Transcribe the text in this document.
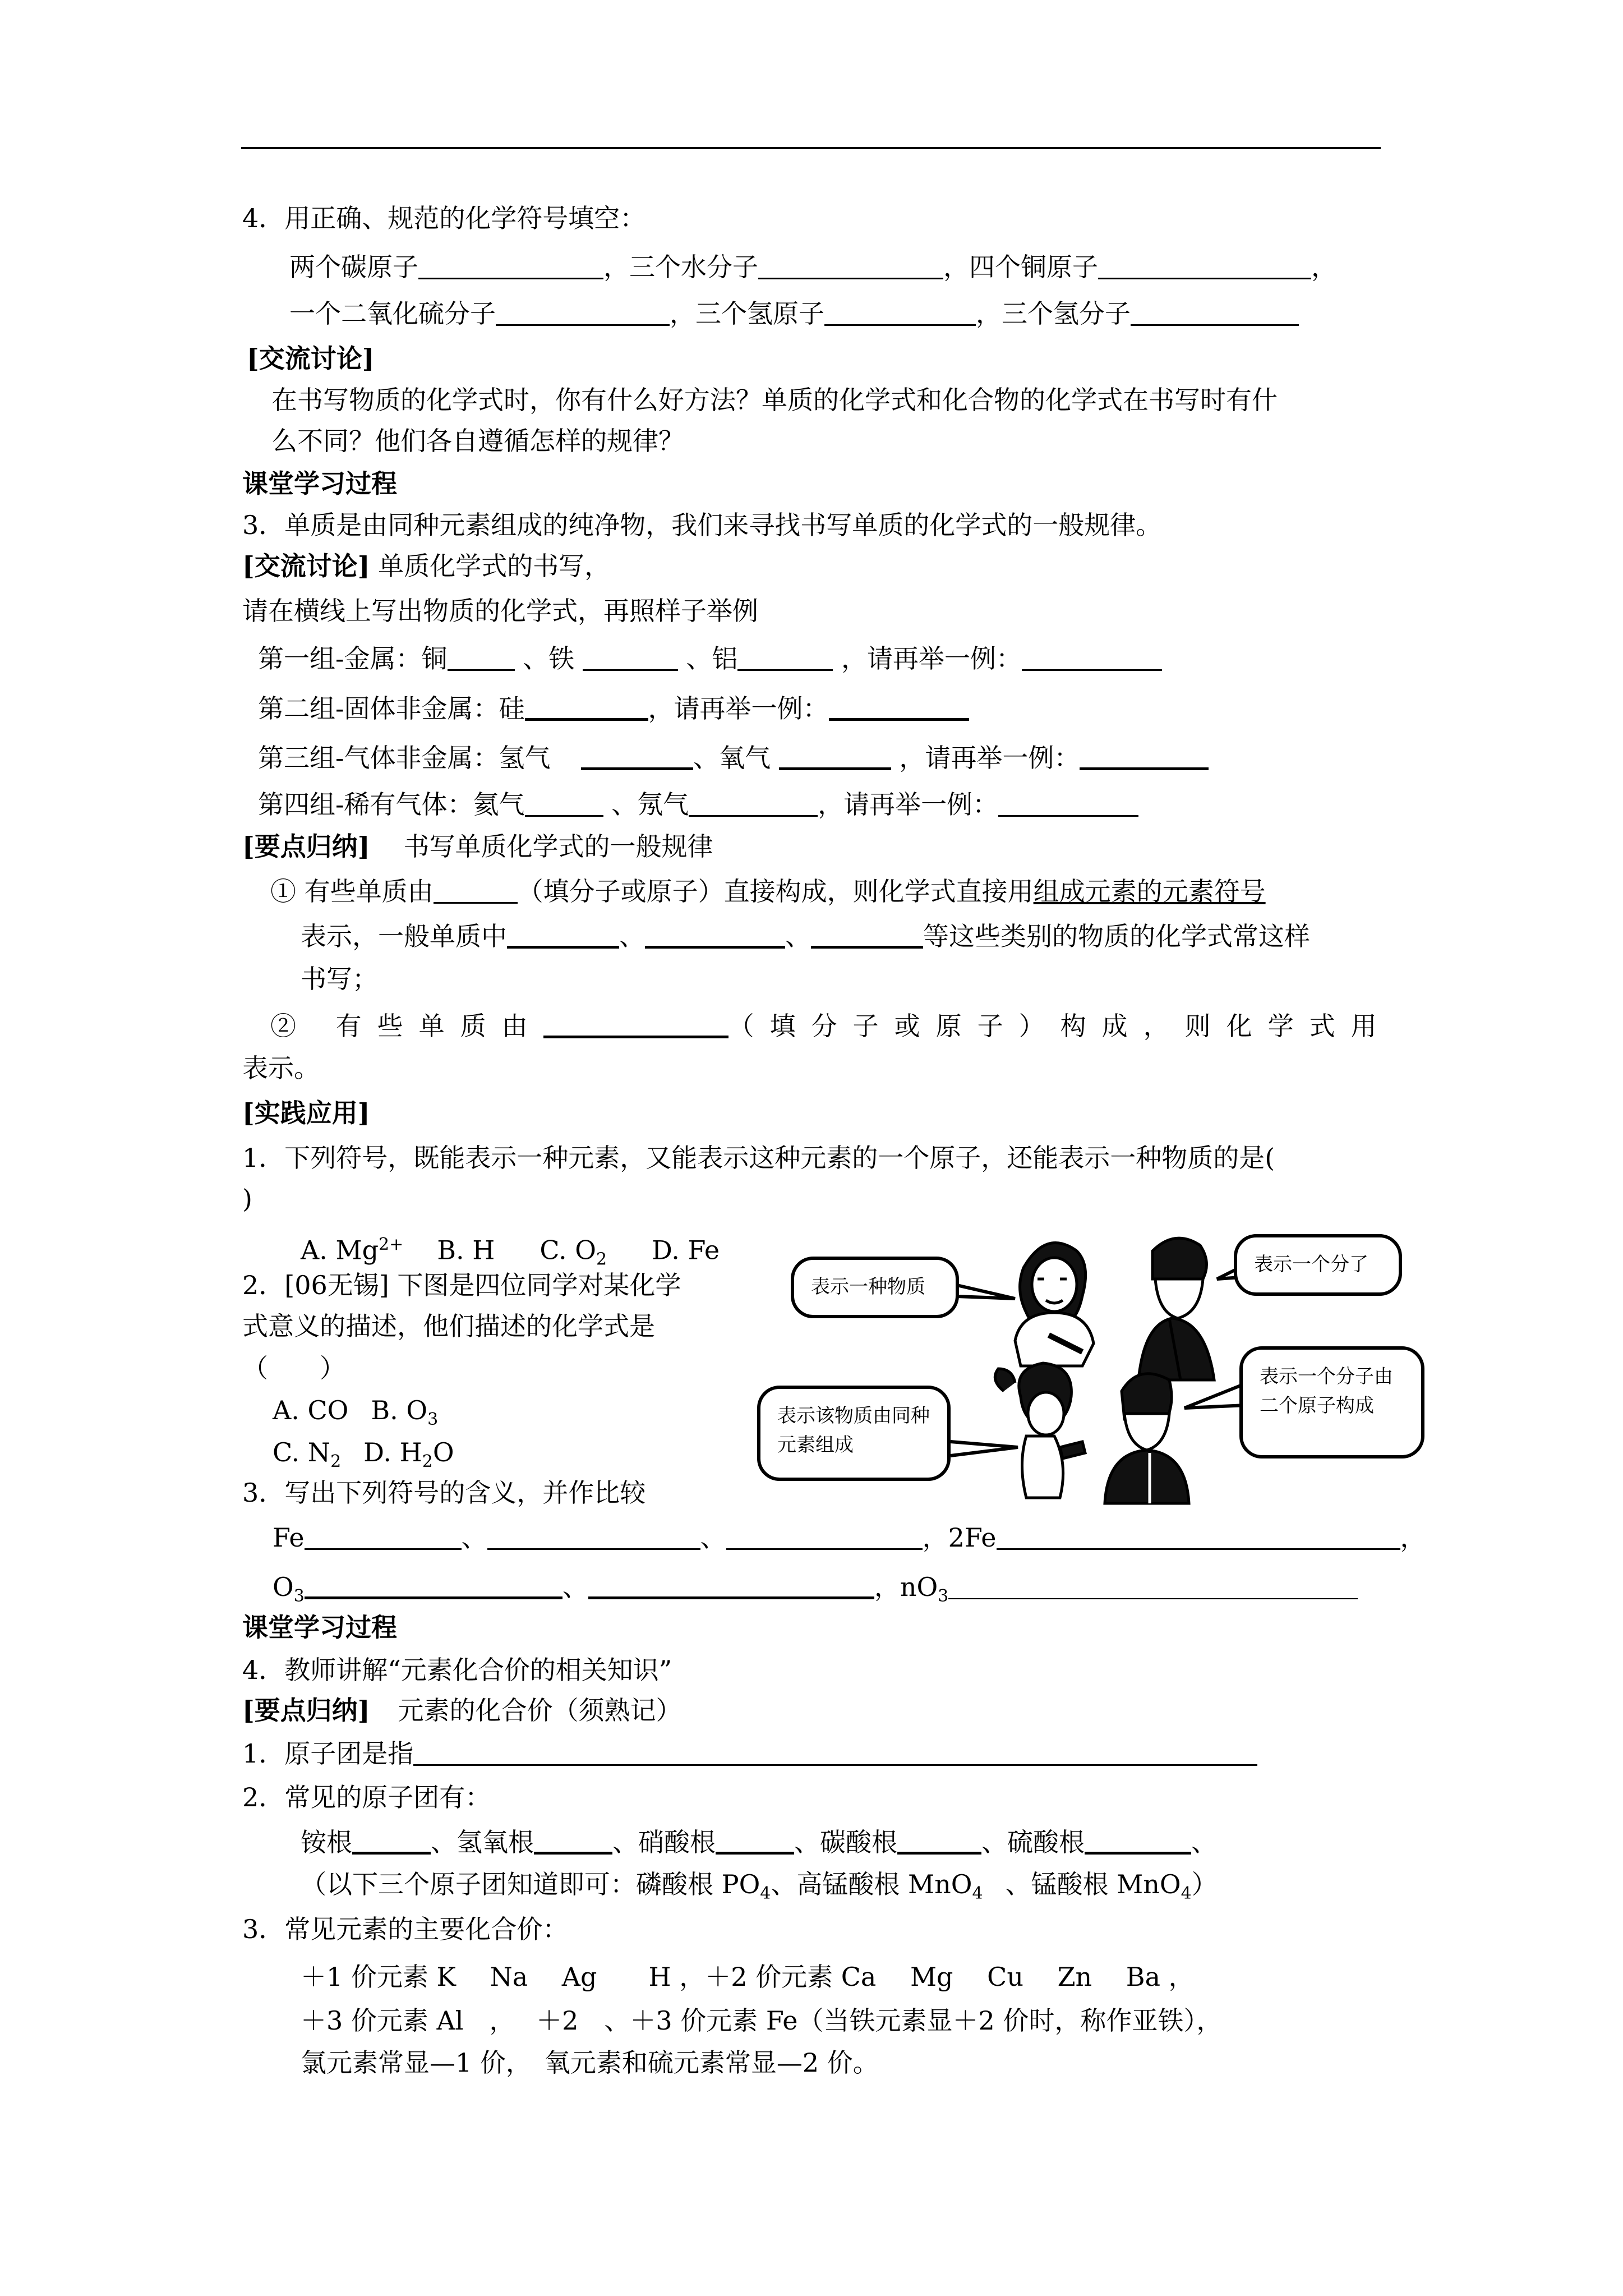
4．用正确、规范的化学符号填空：
两个碳原子	，三个水分子	，四个铜原子	，
一个二氧化硫分子	，三个氢原子	，三个氢分子
[交流讨论]
在书写物质的化学式时，你有什么好方法？单质的化学式和化合物的化学式在书写时有什
么不同？他们各自遵循怎样的规律？
课堂学习过程
3．单质是由同种元素组成的纯净物，我们来寻找书写单质的化学式的一般规律。
[交流讨论] 单质化学式的书写，
请在横线上写出物质的化学式，再照样子举例
第一组-金属：铜	、铁	、铝	，请再举一例：
第二组-固体非金属：硅	，请再举一例：
第三组-气体非金属：氢气	、氧气	，请再举一例：
第四组-稀有气体：氦气	、氖气	，请再举一例：
[要点归纳] 书写单质化学式的一般规律
① 有些单质由	（填分子或原子）直接构成，则化学式直接用组成元素的元素符号
表示，一般单质中	、	、	等这些类别的物质的化学式常这样
书写；
② 有些单质由	（填分子或原子）构成，则化学式用
表示。
[实践应用]
1．下列符号，既能表示一种元素，又能表示这种元素的一个原子，还能表示一种物质的是(
)
A. $Mg^{2+}$ B. H C. $O_2$ D. Fe
2．[06无锡] 下图是四位同学对某化学
式意义的描述，他们描述的化学式是
（　　）
A. CO B. $O_3$
C. $N_2$ D. $H_2O$
3．写出下列符号的含义，并作比较
Fe	、	、	，2Fe	，
$O_3$	、	，$nO_3$
表示一种物质
表示一个分了
表示该物质由同种元素组成
表示一个分子由二个原子构成
课堂学习过程
4．教师讲解“元素化合价的相关知识”
[要点归纳] 元素的化合价（须熟记）
1．原子团是指
2．常见的原子团有：
铵根	、氢氧根	、硝酸根	、碳酸根	、硫酸根	、
（以下三个原子团知道即可：磷酸根 $PO_4$、高锰酸根 MnO$_4$ 、锰酸根 MnO$_4$）
3．常见元素的主要化合价：
＋1 价元素 K　 Na　 Ag　　H ，＋2 价元素 Ca　 Mg　 Cu　 Zn　 Ba ，
＋3 价元素 Al　，　 ＋2　、＋3 价元素 Fe（当铁元素显＋2 价时，称作亚铁），
氯元素常显—1 价，　氧元素和硫元素常显—2 价。
